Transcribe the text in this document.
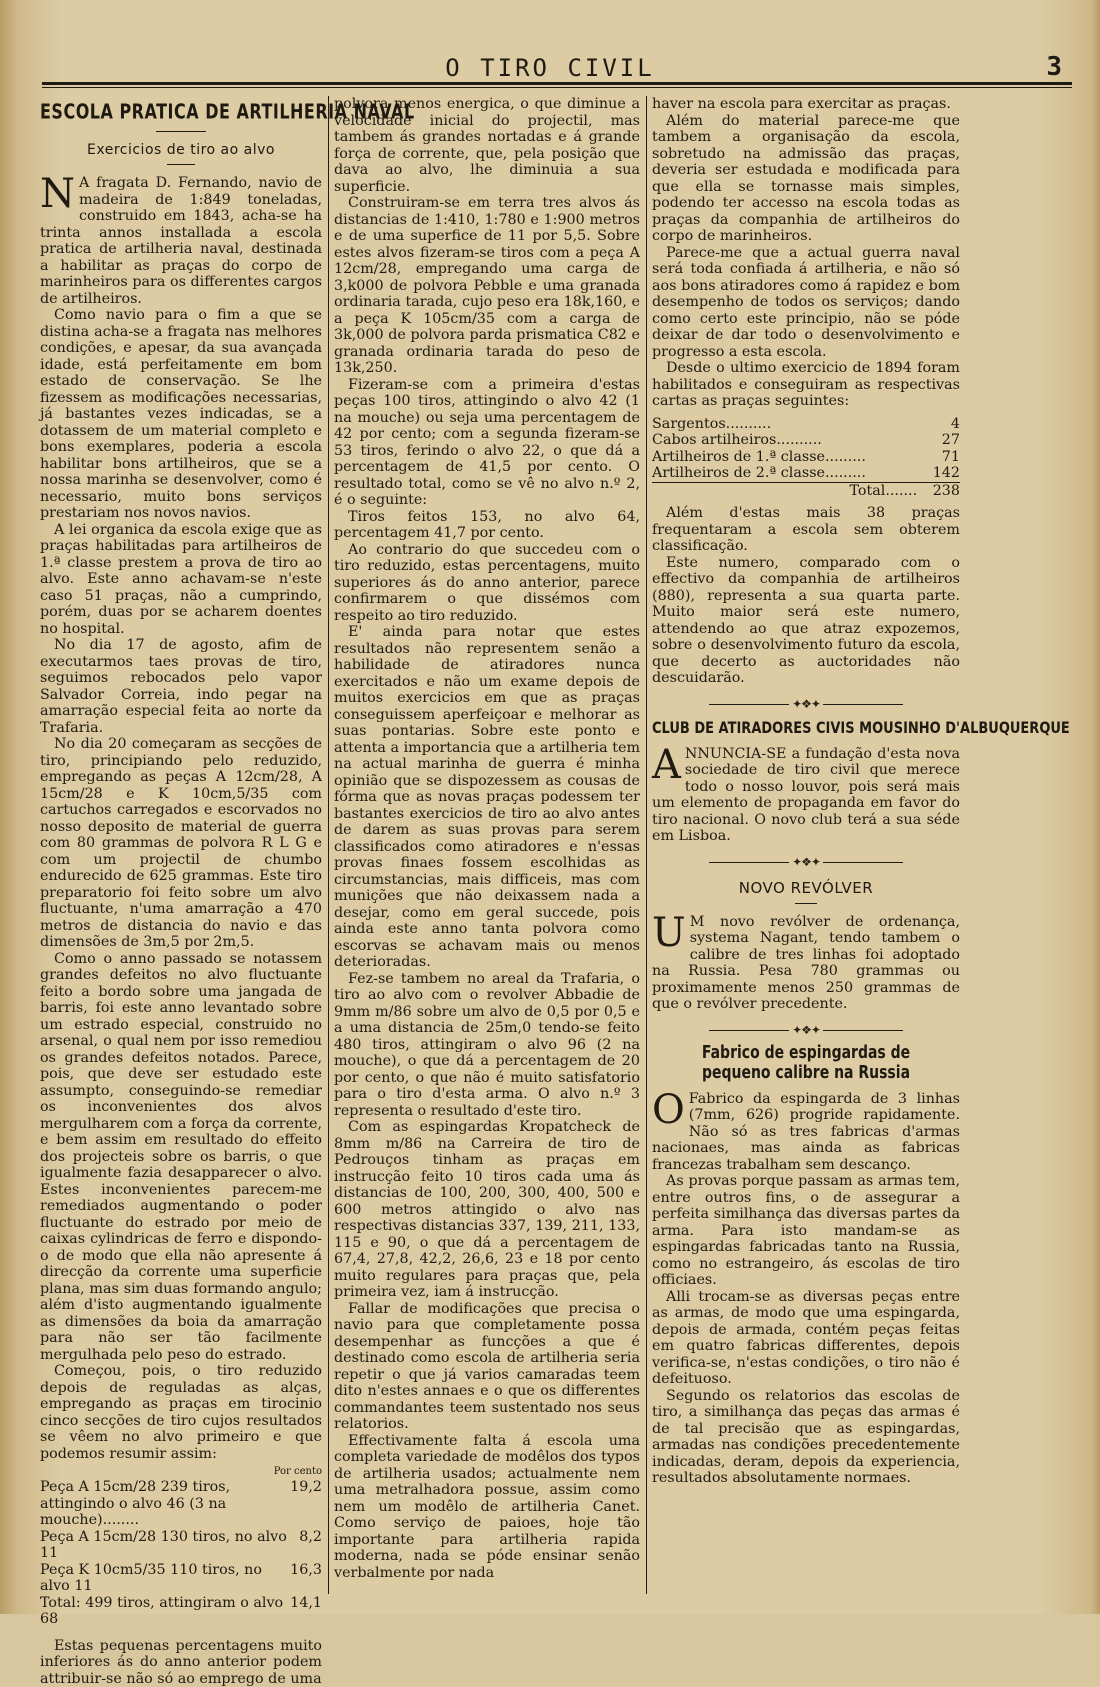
O TIRO CIVIL	3
ESCOLA PRATICA DE ARTILHERIA NAVAL
Exercicios de tiro ao alvo

N A fragata D. Fernando, navio de madeira de 1:849 toneladas, construido em 1843, acha-se ha trinta annos installada a escola pratica de artilheria naval, destinada a habilitar as praças do corpo de marinheiros para os differentes cargos de artilheiros.

Como navio para o fim a que se distina acha-se a fragata nas melhores condições, e apesar, da sua avançada idade, está perfeitamente em bom estado de conservação. Se lhe fizessem as modificações necessarias, já bastantes vezes indicadas, se a dotassem de um material completo e bons exemplares, poderia a escola habilitar bons artilheiros, que se a nossa marinha se desenvolver, como é necessario, muito bons serviços prestariam nos novos navios.

A lei organica da escola exige que as praças habilitadas para artilheiros de 1.ª classe prestem a prova de tiro ao alvo. Este anno achavam-se n'este caso 51 praças, não a cumprindo, porém, duas por se acharem doentes no hospital.

No dia 17 de agosto, afim de executarmos taes provas de tiro, seguimos rebocados pelo vapor Salvador Correia, indo pegar na amarração especial feita ao norte da Trafaria.

No dia 20 começaram as secções de tiro, principiando pelo reduzido, empregando as peças A 12cm/28, A 15cm/28 e K 10cm,5/35 com cartuchos carregados e escorvados no nosso deposito de material de guerra com 80 grammas de polvora R L G e com um projectil de chumbo endurecido de 625 grammas. Este tiro preparatorio foi feito sobre um alvo fluctuante, n'uma amarração a 470 metros de distancia do navio e das dimensões de 3m,5 por 2m,5.

Como o anno passado se notassem grandes defeitos no alvo fluctuante feito a bordo sobre uma jangada de barris, foi este anno levantado sobre um estrado especial, construido no arsenal, o qual nem por isso remediou os grandes defeitos notados. Parece, pois, que deve ser estudado este assumpto, conseguindo-se remediar os inconvenientes dos alvos mergulharem com a força da corrente, e bem assim em resultado do effeito dos projecteis sobre os barris, o que igualmente fazia desapparecer o alvo. Estes inconvenientes parecem-me remediados augmentando o poder fluctuante do estrado por meio de caixas cylindricas de ferro e dispondo-o de modo que ella não apresente á direcção da corrente uma superficie plana, mas sim duas formando angulo; além d'isto augmentando igualmente as dimensões da boia da amarração para não ser tão facilmente mergulhada pelo peso do estrado.

Começou, pois, o tiro reduzido depois de reguladas as alças, empregando as praças em tirocinio cinco secções de tiro cujos resultados se vêem no alvo primeiro e que podemos resumir assim:

Por cento
Peça A 15cm/28 239 tiros, attingindo o alvo 46 (3 na mouche)........	19,2
Peça A 15cm/28 130 tiros, no alvo 11	8,2
Peça K 10cm5/35 110 tiros, no alvo 11	16,3
Total: 499 tiros, attingiram o alvo 68	14,1

Estas pequenas percentagens muito inferiores ás do anno anterior podem attribuir-se não só ao emprego de uma

polvora menos energica, o que diminue a velocidade inicial do projectil, mas tambem ás grandes nortadas e á grande força de corrente, que, pela posição que dava ao alvo, lhe diminuia a sua superficie.

Construiram-se em terra tres alvos ás distancias de 1:410, 1:780 e 1:900 metros e de uma superfice de 11 por 5,5. Sobre estes alvos fizeram-se tiros com a peça A 12cm/28, empregando uma carga de 3,k000 de polvora Pebble e uma granada ordinaria tarada, cujo peso era 18k,160, e a peça K 105cm/35 com a carga de 3k,000 de polvora parda prismatica C82 e granada ordinaria tarada do peso de 13k,250.

Fizeram-se com a primeira d'estas peças 100 tiros, attingindo o alvo 42 (1 na mouche) ou seja uma percentagem de 42 por cento; com a segunda fizeram-se 53 tiros, ferindo o alvo 22, o que dá a percentagem de 41,5 por cento. O resultado total, como se vê no alvo n.º 2, é o seguinte:

Tiros feitos 153, no alvo 64, percentagem 41,7 por cento.

Ao contrario do que succedeu com o tiro reduzido, estas percentagens, muito superiores ás do anno anterior, parece confirmarem o que dissémos com respeito ao tiro reduzido.

E' ainda para notar que estes resultados não representem senão a habilidade de atiradores nunca exercitados e não um exame depois de muitos exercicios em que as praças conseguissem aperfeiçoar e melhorar as suas pontarias. Sobre este ponto e attenta a importancia que a artilheria tem na actual marinha de guerra é minha opinião que se dispozessem as cousas de fórma que as novas praças podessem ter bastantes exercicios de tiro ao alvo antes de darem as suas provas para serem classificados como atiradores e n'essas provas finaes fossem escolhidas as circumstancias, mais difficeis, mas com munições que não deixassem nada a desejar, como em geral succede, pois ainda este anno tanta polvora como escorvas se achavam mais ou menos deterioradas.

Fez-se tambem no areal da Trafaria, o tiro ao alvo com o revolver Abbadie de 9mm m/86 sobre um alvo de 0,5 por 0,5 e a uma distancia de 25m,0 tendo-se feito 480 tiros, attingiram o alvo 96 (2 na mouche), o que dá a percentagem de 20 por cento, o que não é muito satisfatorio para o tiro d'esta arma. O alvo n.º 3 representa o resultado d'este tiro.

Com as espingardas Kropatcheck de 8mm m/86 na Carreira de tiro de Pedrouços tinham as praças em instrucção feito 10 tiros cada uma ás distancias de 100, 200, 300, 400, 500 e 600 metros attingido o alvo nas respectivas distancias 337, 139, 211, 133, 115 e 90, o que dá a percentagem de 67,4, 27,8, 42,2, 26,6, 23 e 18 por cento muito regulares para praças que, pela primeira vez, iam á instrucção.

Fallar de modificações que precisa o navio para que completamente possa desempenhar as funcções a que é destinado como escola de artilheria seria repetir o que já varios camaradas teem dito n'estes annaes e o que os differentes commandantes teem sustentado nos seus relatorios.

Effectivamente falta á escola uma completa variedade de modêlos dos typos de artilheria usados; actualmente nem uma metralhadora possue, assim como nem um modêlo de artilheria Canet. Como serviço de paioes, hoje tão importante para artilheria rapida moderna, nada se póde ensinar senão verbalmente por nada

haver na escola para exercitar as praças.

Além do material parece-me que tambem a organisação da escola, sobretudo na admissão das praças, deveria ser estudada e modificada para que ella se tornasse mais simples, podendo ter accesso na escola todas as praças da companhia de artilheiros do corpo de marinheiros.

Parece-me que a actual guerra naval será toda confiada á artilheria, e não só aos bons atiradores como á rapidez e bom desempenho de todos os serviços; dando como certo este principio, não se póde deixar de dar todo o desenvolvimento e progresso a esta escola.

Desde o ultimo exercicio de 1894 foram habilitados e conseguiram as respectivas cartas as praças seguintes:

Sargentos..........	4
Cabos artilheiros..........	27
Artilheiros de 1.ª classe.........	71
Artilheiros de 2.ª classe.........	142
Total.......	238

Além d'estas mais 38 praças frequentaram a escola sem obterem classificação.

Este numero, comparado com o effectivo da companhia de artilheiros (880), representa a sua quarta parte. Muito maior será este numero, attendendo ao que atraz expozemos, sobre o desenvolvimento futuro da escola, que decerto as auctoridades não descuidarão.

✦❖✦
CLUB DE ATIRADORES CIVIS MOUSINHO D'ALBUQUERQUE

ANNUNCIA-SE a fundação d'esta nova sociedade de tiro civil que merece todo o nosso louvor, pois será mais um elemento de propaganda em favor do tiro nacional. O novo club terá a sua séde em Lisboa.

✦❖✦
NOVO REVÓLVER

U M novo revólver de ordenança, systema Nagant, tendo tambem o calibre de tres linhas foi adoptado na Russia. Pesa 780 grammas ou proximamente menos 250 grammas de que o revólver precedente.

✦❖✦
Fabrico de espingardas de pequeno calibre na Russia

O Fabrico da espingarda de 3 linhas (7mm, 626) progride rapidamente. Não só as tres fabricas d'armas nacionaes, mas ainda as fabricas francezas trabalham sem descanço.

As provas porque passam as armas tem, entre outros fins, o de assegurar a perfeita similhança das diversas partes da arma. Para isto mandam-se as espingardas fabricadas tanto na Russia, como no estrangeiro, ás escolas de tiro officiaes.

Alli trocam-se as diversas peças entre as armas, de modo que uma espingarda, depois de armada, contém peças feitas em quatro fabricas differentes, depois verifica-se, n'estas condições, o tiro não é defeituoso.

Segundo os relatorios das escolas de tiro, a similhança das peças das armas é de tal precisão que as espingardas, armadas nas condições precedentemente indicadas, deram, depois da experiencia, resultados absolutamente normaes.
